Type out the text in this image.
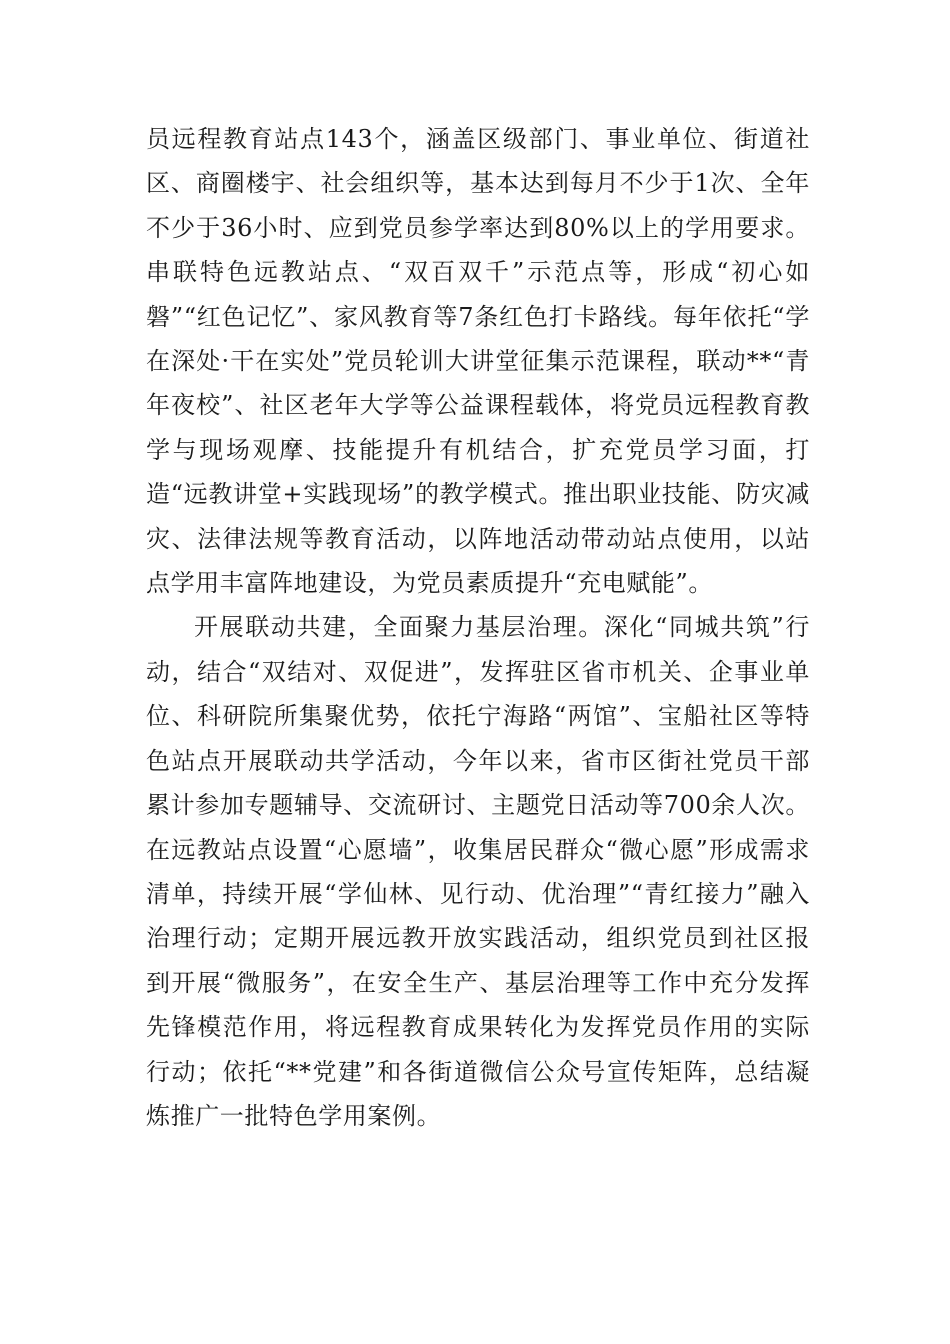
员远程教育站点143个，涵盖区级部门、事业单位、街道社区、商圈楼宇、社会组织等，基本达到每月不少于1次、全年不少于36小时、应到党员参学率达到80%以上的学用要求。串联特色远教站点、“双百双千”示范点等，形成“初心如磐”“红色记忆”、家风教育等7条红色打卡路线。每年依托“学在深处·干在实处”党员轮训大讲堂征集示范课程，联动**“青年夜校”、社区老年大学等公益课程载体，将党员远程教育教学与现场观摩、技能提升有机结合，扩充党员学习面，打造“远教讲堂+实践现场”的教学模式。推出职业技能、防灾减灾、法律法规等教育活动，以阵地活动带动站点使用，以站点学用丰富阵地建设，为党员素质提升“充电赋能”。

开展联动共建，全面聚力基层治理。深化“同城共筑”行动，结合“双结对、双促进”，发挥驻区省市机关、企事业单位、科研院所集聚优势，依托宁海路“两馆”、宝船社区等特色站点开展联动共学活动，今年以来，省市区街社党员干部累计参加专题辅导、交流研讨、主题党日活动等700余人次。在远教站点设置“心愿墙”，收集居民群众“微心愿”形成需求清单，持续开展“学仙林、见行动、优治理”“青红接力”融入治理行动；定期开展远教开放实践活动，组织党员到社区报到开展“微服务”，在安全生产、基层治理等工作中充分发挥先锋模范作用，将远程教育成果转化为发挥党员作用的实际行动；依托“**党建”和各街道微信公众号宣传矩阵，总结凝炼推广一批特色学用案例。
